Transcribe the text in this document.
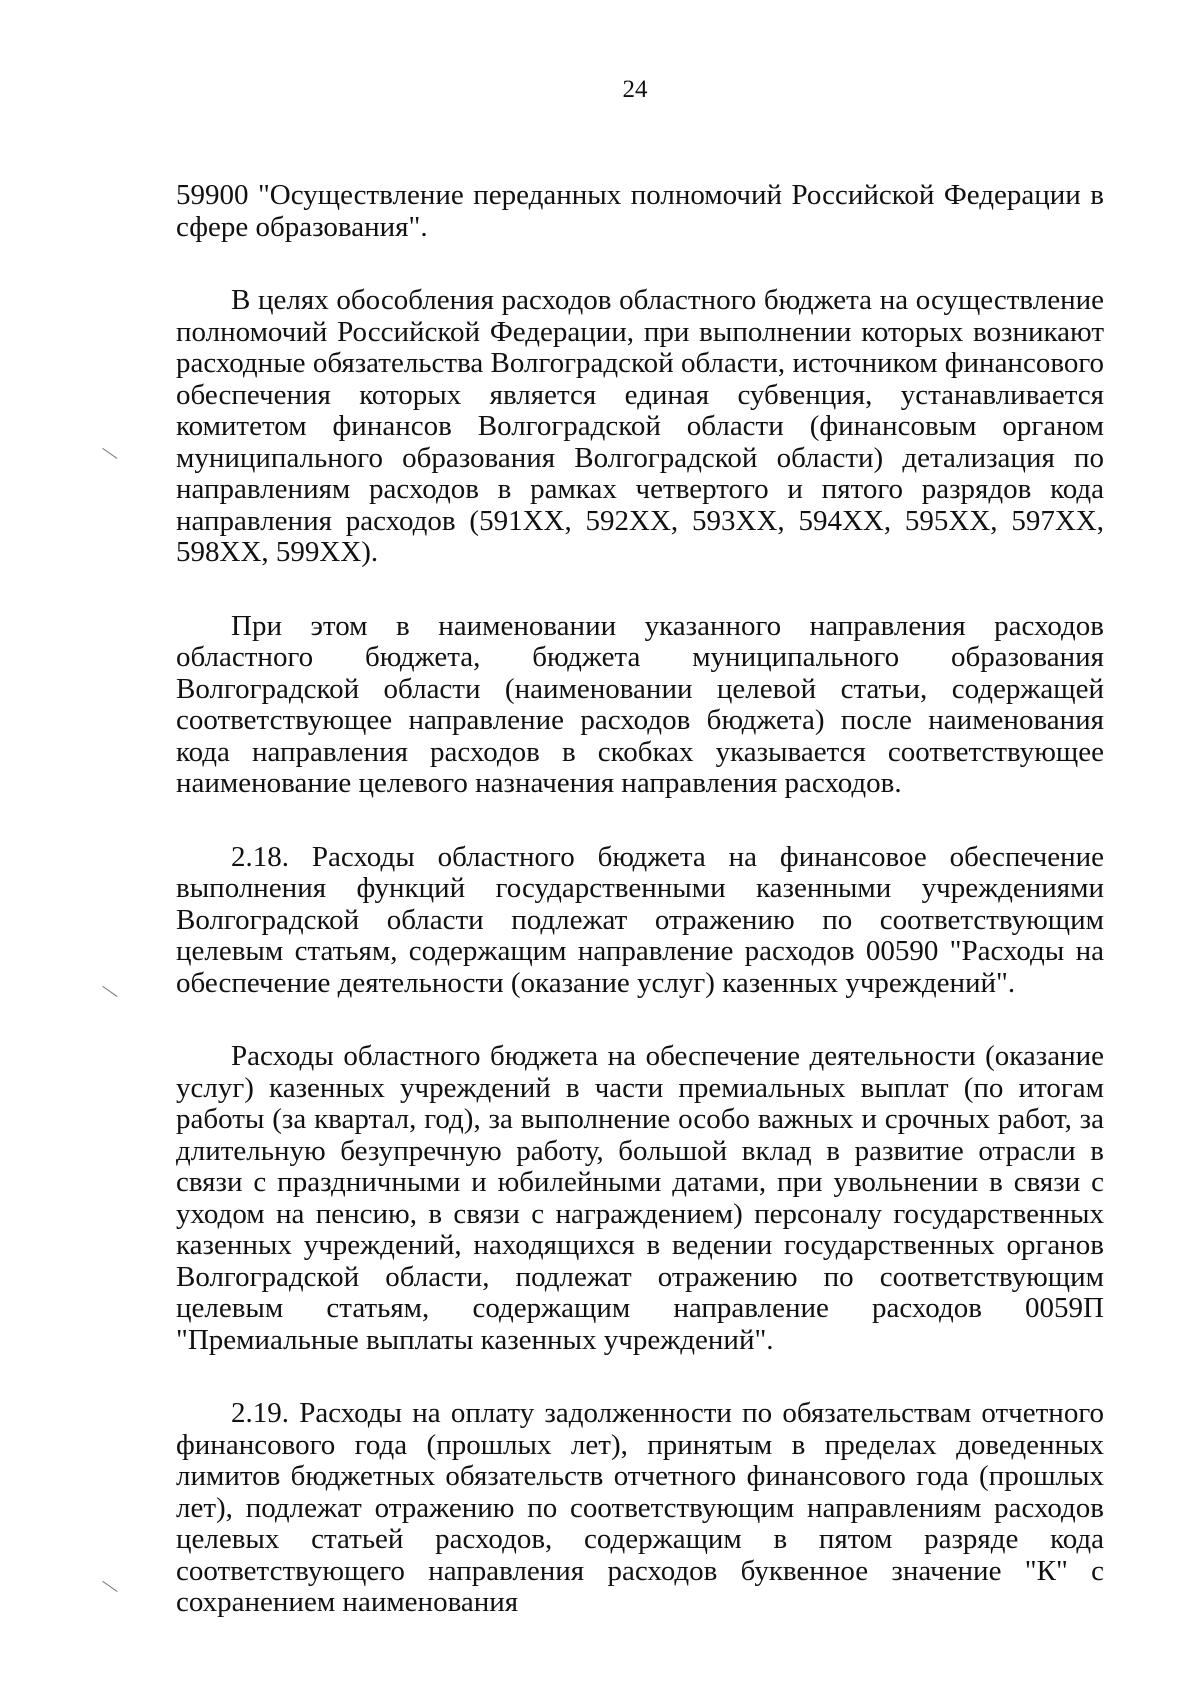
24

59900 "Осуществление переданных полномочий Российской Федерации в сфере образования".

В целях обособления расходов областного бюджета на осуществление полномочий Российской Федерации, при выполнении которых возникают расходные обязательства Волгоградской области, источником финансового обеспечения которых является единая субвенция, устанавливается комитетом финансов Волгоградской области (финансовым органом муниципального образования Волгоградской области) детализация по направлениям расходов в рамках четвертого и пятого разрядов кода направления расходов (591XX, 592XX, 593XX, 594XX, 595XX, 597XX, 598XX, 599XX).

При этом в наименовании указанного направления расходов областного бюджета, бюджета муниципального образования Волгоградской области (наименовании целевой статьи, содержащей соответствующее направление расходов бюджета) после наименования кода направления расходов в скобках указывается соответствующее наименование целевого назначения направления расходов.

2.18. Расходы областного бюджета на финансовое обеспечение выполнения функций государственными казенными учреждениями Волгоградской области подлежат отражению по соответствующим целевым статьям, содержащим направление расходов 00590 "Расходы на обеспечение деятельности (оказание услуг) казенных учреждений".

Расходы областного бюджета на обеспечение деятельности (оказание услуг) казенных учреждений в части премиальных выплат (по итогам работы (за квартал, год), за выполнение особо важных и срочных работ, за длительную безупречную работу, большой вклад в развитие отрасли в связи с праздничными и юбилейными датами, при увольнении в связи с уходом на пенсию, в связи с награждением) персоналу государственных казенных учреждений, находящихся в ведении государственных органов Волгоградской области, подлежат отражению по соответствующим целевым статьям, содержащим направление расходов 0059П "Премиальные выплаты казенных учреждений".

2.19. Расходы на оплату задолженности по обязательствам отчетного финансового года (прошлых лет), принятым в пределах доведенных лимитов бюджетных обязательств отчетного финансового года (прошлых лет), подлежат отражению по соответствующим направлениям расходов целевых статьей расходов, содержащим в пятом разряде кода соответствующего направления расходов буквенное значение "К" с сохранением наименования
